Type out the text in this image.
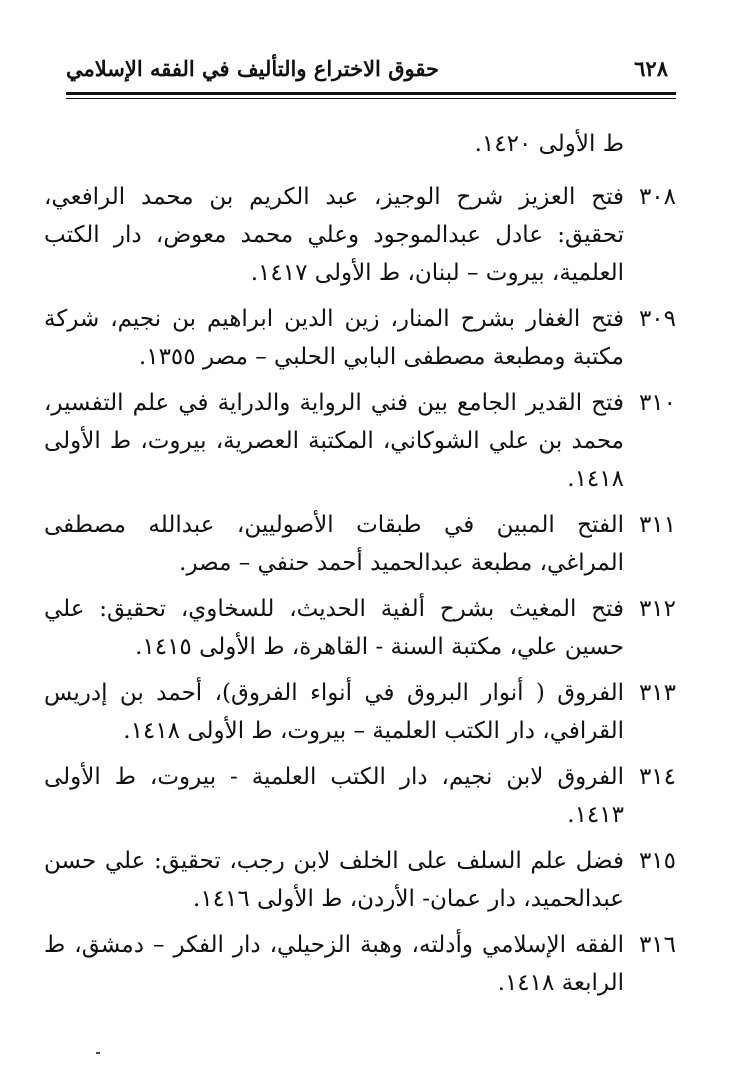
٦٢٨
حقوق الاختراع والتأليف في الفقه الإسلامي

ط الأولى ١٤٢٠.

٣٠٨
فتح العزيز شرح الوجيز، عبد الكريم بن محمد الرافعي، تحقيق: عادل عبدالموجود وعلي محمد معوض، دار الكتب العلمية، بيروت – لبنان، ط الأولى ١٤١٧.
٣٠٩
فتح الغفار بشرح المنار، زين الدين ابراهيم بن نجيم، شركة مكتبة ومطبعة مصطفى البابي الحلبي – مصر ١٣٥٥.
٣١٠
فتح القدير الجامع بين فني الرواية والدراية في علم التفسير، محمد بن علي الشوكاني، المكتبة العصرية، بيروت، ط الأولى ١٤١٨.
٣١١
الفتح المبين في طبقات الأصوليين، عبدالله مصطفى المراغي، مطبعة عبدالحميد أحمد حنفي – مصر.
٣١٢
فتح المغيث بشرح ألفية الحديث، للسخاوي، تحقيق: علي حسين علي، مكتبة السنة - القاهرة، ط الأولى ١٤١٥.
٣١٣
الفروق ( أنوار البروق في أنواء الفروق)، أحمد بن إدريس القرافي، دار الكتب العلمية – بيروت، ط الأولى ١٤١٨.
٣١٤
الفروق لابن نجيم، دار الكتب العلمية - بيروت، ط الأولى ١٤١٣.
٣١٥
فضل علم السلف على الخلف لابن رجب، تحقيق: علي حسن عبدالحميد، دار عمان- الأردن، ط الأولى ١٤١٦.
٣١٦
الفقه الإسلامي وأدلته، وهبة الزحيلي، دار الفكر – دمشق، ط الرابعة ١٤١٨.
